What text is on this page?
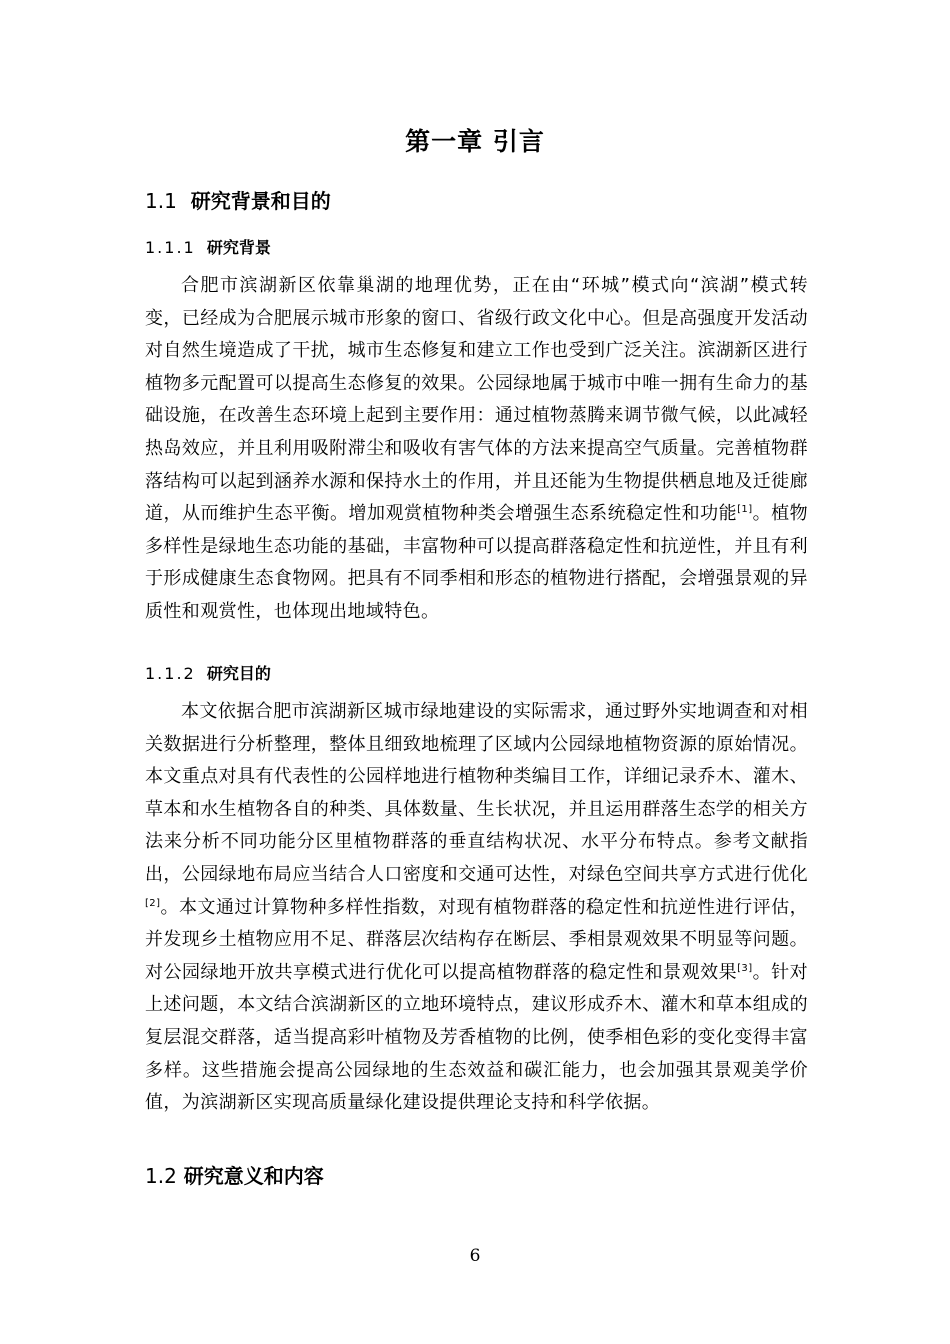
第一章 引言
1.1 研究背景和目的
1.1.1 研究背景
合肥市滨湖新区依靠巢湖的地理优势，正在由“环城”模式向“滨湖”模式转变，已经成为合肥展示城市形象的窗口、省级行政文化中心。但是高强度开发活动对自然生境造成了干扰，城市生态修复和建立工作也受到广泛关注。滨湖新区进行植物多元配置可以提高生态修复的效果。公园绿地属于城市中唯一拥有生命力的基础设施，在改善生态环境上起到主要作用：通过植物蒸腾来调节微气候，以此减轻热岛效应，并且利用吸附滞尘和吸收有害气体的方法来提高空气质量。完善植物群落结构可以起到涵养水源和保持水土的作用，并且还能为生物提供栖息地及迁徙廊道，从而维护生态平衡。增加观赏植物种类会增强生态系统稳定性和功能[1]。植物多样性是绿地生态功能的基础，丰富物种可以提高群落稳定性和抗逆性，并且有利于形成健康生态食物网。把具有不同季相和形态的植物进行搭配，会增强景观的异质性和观赏性，也体现出地域特色。
1.1.2 研究目的
本文依据合肥市滨湖新区城市绿地建设的实际需求，通过野外实地调查和对相关数据进行分析整理，整体且细致地梳理了区域内公园绿地植物资源的原始情况。本文重点对具有代表性的公园样地进行植物种类编目工作，详细记录乔木、灌木、草本和水生植物各自的种类、具体数量、生长状况，并且运用群落生态学的相关方法来分析不同功能分区里植物群落的垂直结构状况、水平分布特点。参考文献指出，公园绿地布局应当结合人口密度和交通可达性，对绿色空间共享方式进行优化[2]。本文通过计算物种多样性指数，对现有植物群落的稳定性和抗逆性进行评估，并发现乡土植物应用不足、群落层次结构存在断层、季相景观效果不明显等问题。对公园绿地开放共享模式进行优化可以提高植物群落的稳定性和景观效果[3]。针对上述问题，本文结合滨湖新区的立地环境特点，建议形成乔木、灌木和草本组成的复层混交群落，适当提高彩叶植物及芳香植物的比例，使季相色彩的变化变得丰富多样。这些措施会提高公园绿地的生态效益和碳汇能力，也会加强其景观美学价值，为滨湖新区实现高质量绿化建设提供理论支持和科学依据。
1.2 研究意义和内容
6
